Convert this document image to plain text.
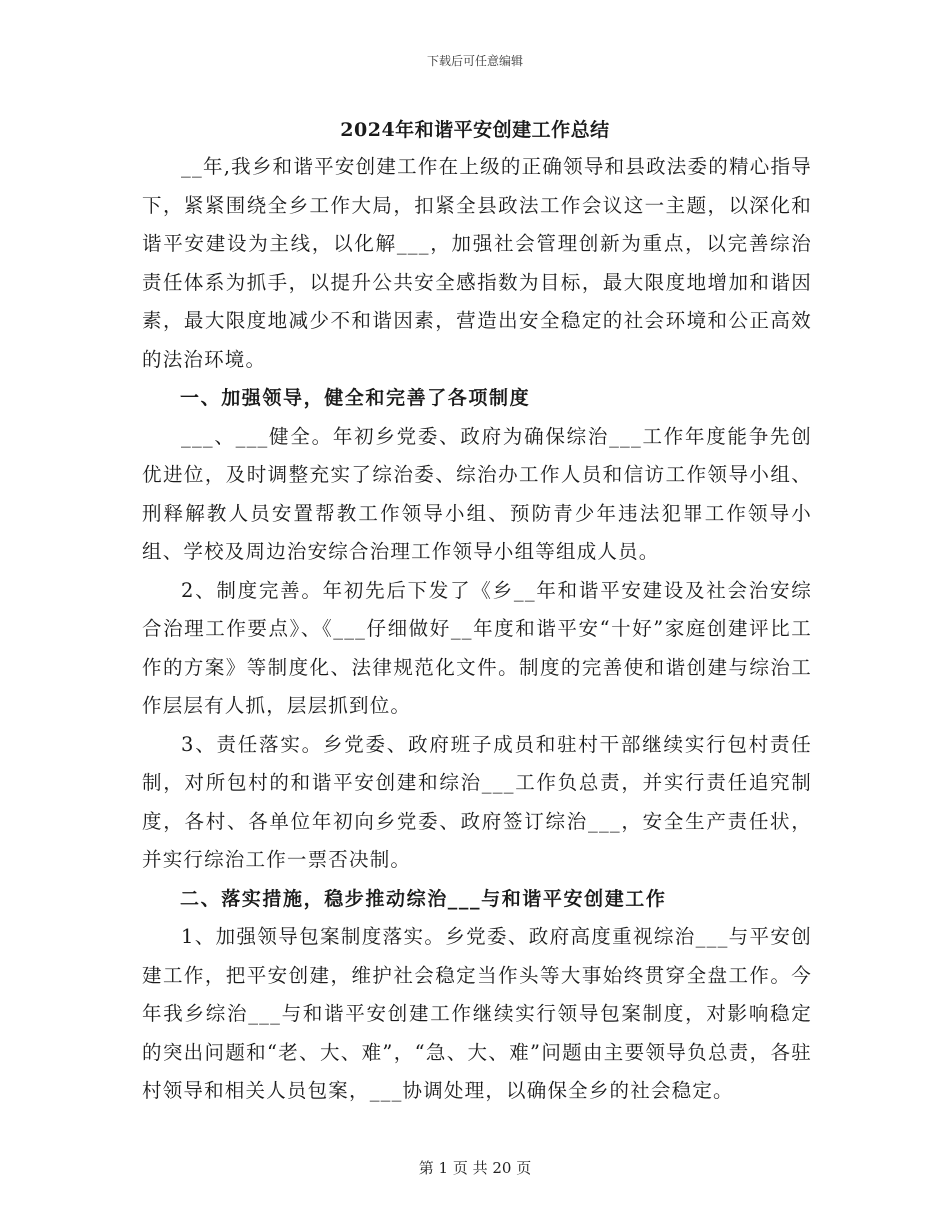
下载后可任意编辑
2024年和谐平安创建工作总结

__年,我乡和谐平安创建工作在上级的正确领导和县政法委的精心指导下，紧紧围绕全乡工作大局，扣紧全县政法工作会议这一主题，以深化和谐平安建设为主线，以化解___，加强社会管理创新为重点，以完善综治责任体系为抓手，以提升公共安全感指数为目标，最大限度地增加和谐因素，最大限度地减少不和谐因素，营造出安全稳定的社会环境和公正高效的法治环境。

一、加强领导，健全和完善了各项制度

___、___健全。年初乡党委、政府为确保综治___工作年度能争先创优进位，及时调整充实了综治委、综治办工作人员和信访工作领导小组、刑释解教人员安置帮教工作领导小组、预防青少年违法犯罪工作领导小组、学校及周边治安综合治理工作领导小组等组成人员。

2、制度完善。年初先后下发了《乡__年和谐平安建设及社会治安综合治理工作要点》、《___仔细做好__年度和谐平安“十好”家庭创建评比工作的方案》等制度化、法律规范化文件。制度的完善使和谐创建与综治工作层层有人抓，层层抓到位。

3、责任落实。乡党委、政府班子成员和驻村干部继续实行包村责任制，对所包村的和谐平安创建和综治___工作负总责，并实行责任追究制度，各村、各单位年初向乡党委、政府签订综治___，安全生产责任状，并实行综治工作一票否决制。

二、落实措施，稳步推动综治___与和谐平安创建工作

1、加强领导包案制度落实。乡党委、政府高度重视综治___与平安创建工作，把平安创建，维护社会稳定当作头等大事始终贯穿全盘工作。今年我乡综治___与和谐平安创建工作继续实行领导包案制度，对影响稳定的突出问题和“老、大、难”，“急、大、难”问题由主要领导负总责，各驻村领导和相关人员包案，___协调处理，以确保全乡的社会稳定。

第 1 页 共 20 页
